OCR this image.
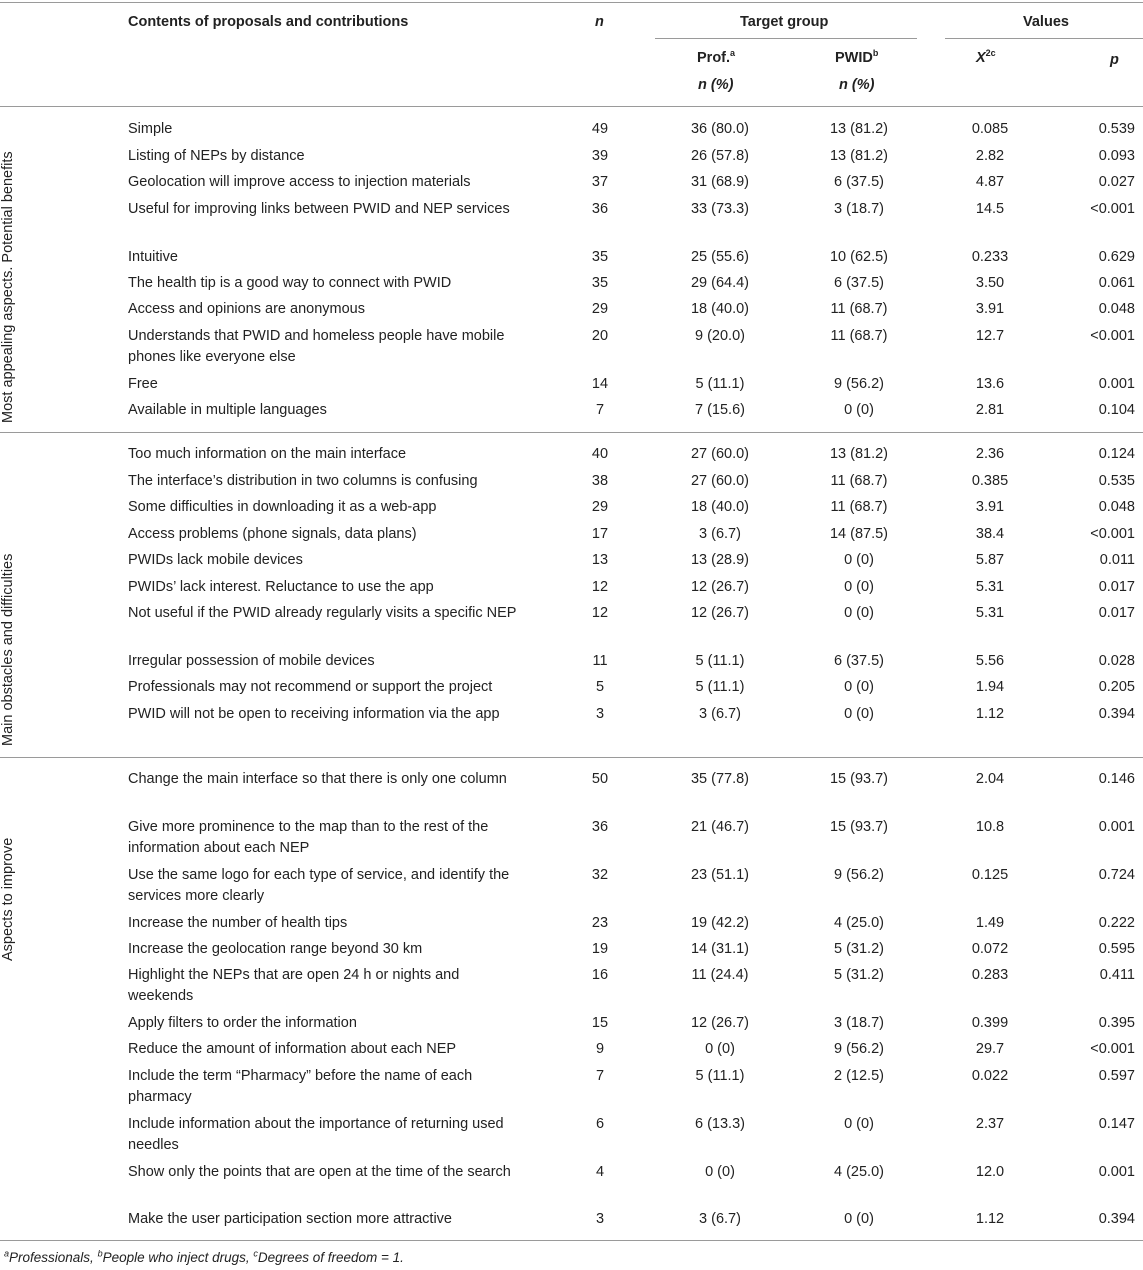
Contents of proposals and contributions	n	Target group	Values
Prof.$^a$	PWID$^b$	$X^{2c}$	p
n (%)	n (%)
Most appealing aspects. Potential benefits
Simple	49	36 (80.0)	13 (81.2)	0.085	0.539
Listing of NEPs by distance	39	26 (57.8)	13 (81.2)	2.82	0.093
Geolocation will improve access to injection materials	37	31 (68.9)	6 (37.5)	4.87	0.027
Useful for improving links between PWID and NEP services	36	33 (73.3)	3 (18.7)	14.5	<0.001
Intuitive	35	25 (55.6)	10 (62.5)	0.233	0.629
The health tip is a good way to connect with PWID	35	29 (64.4)	6 (37.5)	3.50	0.061
Access and opinions are anonymous	29	18 (40.0)	11 (68.7)	3.91	0.048
Understands that PWID and homeless people have mobile phones like everyone else
20	9 (20.0)	11 (68.7)	12.7	<0.001
Free	14	5 (11.1)	9 (56.2)	13.6	0.001
Available in multiple languages	7	7 (15.6)	0 (0)	2.81	0.104
Main obstacles and difficulties
Too much information on the main interface	40	27 (60.0)	13 (81.2)	2.36	0.124
The interface’s distribution in two columns is confusing	38	27 (60.0)	11 (68.7)	0.385	0.535
Some difficulties in downloading it as a web-app	29	18 (40.0)	11 (68.7)	3.91	0.048
Access problems (phone signals, data plans)	17	3 (6.7)	14 (87.5)	38.4	<0.001
PWIDs lack mobile devices	13	13 (28.9)	0 (0)	5.87	0.011
PWIDs’ lack interest. Reluctance to use the app	12	12 (26.7)	0 (0)	5.31	0.017
Not useful if the PWID already regularly visits a specific NEP	12	12 (26.7)	0 (0)	5.31	0.017
Irregular possession of mobile devices	11	5 (11.1)	6 (37.5)	5.56	0.028
Professionals may not recommend or support the project	5	5 (11.1)	0 (0)	1.94	0.205
PWID will not be open to receiving information via the app	3	3 (6.7)	0 (0)	1.12	0.394
Aspects to improve
Change the main interface so that there is only one column	50	35 (77.8)	15 (93.7)	2.04	0.146
Give more prominence to the map than to the rest of the information about each NEP
36	21 (46.7)	15 (93.7)	10.8	0.001
Use the same logo for each type of service, and identify the services more clearly
32	23 (51.1)	9 (56.2)	0.125	0.724
Increase the number of health tips	23	19 (42.2)	4 (25.0)	1.49	0.222
Increase the geolocation range beyond 30 km	19	14 (31.1)	5 (31.2)	0.072	0.595
Highlight the NEPs that are open 24 h or nights and weekends
16	11 (24.4)	5 (31.2)	0.283	0.411
Apply filters to order the information	15	12 (26.7)	3 (18.7)	0.399	0.395
Reduce the amount of information about each NEP	9	0 (0)	9 (56.2)	29.7	<0.001
Include the term “Pharmacy” before the name of each pharmacy
7	5 (11.1)	2 (12.5)	0.022	0.597
Include information about the importance of returning used needles
6	6 (13.3)	0 (0)	2.37	0.147
Show only the points that are open at the time of the search	4	0 (0)	4 (25.0)	12.0	0.001
Make the user participation section more attractive	3	3 (6.7)	0 (0)	1.12	0.394
$^a$Professionals, $^b$People who inject drugs, $^c$Degrees of freedom = 1.
